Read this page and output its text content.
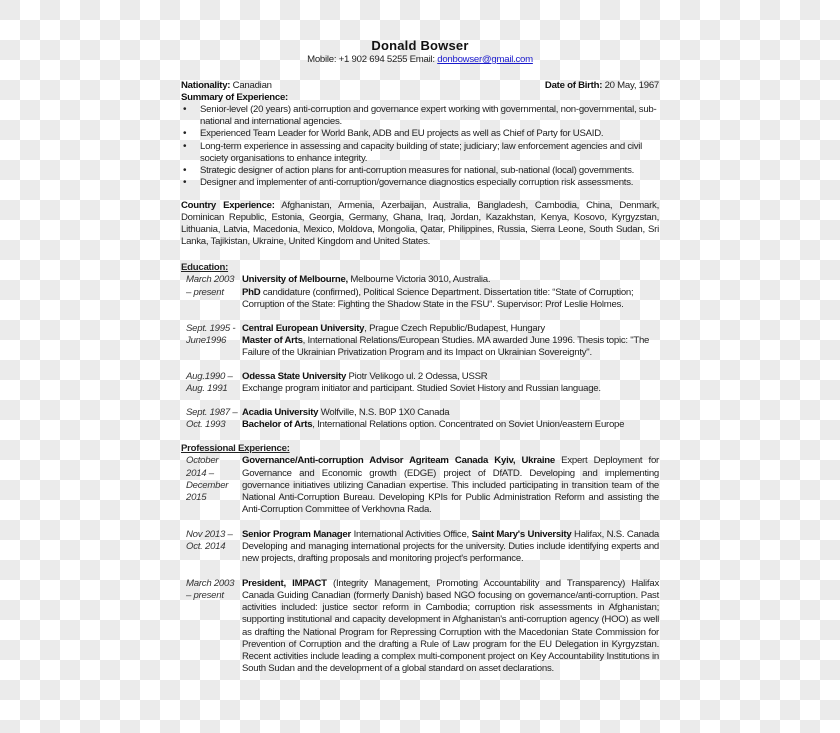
Donald Bowser
Mobile: +1 902 694 5255 Email: donbowser@gmail.com
Nationality: Canadian	Date of Birth: 20 May, 1967
Summary of Experience:
• Senior-level (20 years) anti-corruption and governance expert working with governmental, non-governmental, sub-national and international agencies.
• Experienced Team Leader for World Bank, ADB and EU projects as well as Chief of Party for USAID.
• Long-term experience in assessing and capacity building of state; judiciary; law enforcement agencies and civil society organisations to enhance integrity.
• Strategic designer of action plans for anti-corruption measures for national, sub-national (local) governments.
• Designer and implementer of anti-corruption/governance diagnostics especially corruption risk assessments.
Country Experience: Afghanistan, Armenia, Azerbaijan, Australia, Bangladesh, Cambodia, China, Denmark, Dominican Republic, Estonia, Georgia, Germany, Ghana, Iraq, Jordan, Kazakhstan, Kenya, Kosovo, Kyrgyzstan, Lithuania, Latvia, Macedonia, Mexico, Moldova, Mongolia, Qatar, Philippines, Russia, Sierra Leone, South Sudan, Sri Lanka, Tajikistan, Ukraine, United Kingdom and United States.
Education:
March 2003
– present
University of Melbourne, Melbourne Victoria 3010, Australia.
PhD candidature (confirmed), Political Science Department. Dissertation title: “State of Corruption; Corruption of the State: Fighting the Shadow State in the FSU”. Supervisor: Prof Leslie Holmes.
Sept. 1995 -
June1996
Central European University, Prague Czech Republic/Budapest, Hungary
Master of Arts, International Relations/European Studies. MA awarded June 1996. Thesis topic: "The Failure of the Ukrainian Privatization Program and its Impact on Ukrainian Sovereignty".
Aug.1990 –
Aug. 1991
Odessa State University Piotr Velikogo ul. 2 Odessa, USSR
Exchange program initiator and participant. Studied Soviet History and Russian language.
Sept. 1987 –
Oct. 1993
Acadia University Wolfville, N.S. B0P 1X0 Canada
Bachelor of Arts, International Relations option. Concentrated on Soviet Union/eastern Europe
Professional Experience:
October
2014 –
December
2015
Governance/Anti-corruption Advisor Agriteam Canada Kyiv, Ukraine Expert Deployment for Governance and Economic growth (EDGE) project of DfATD. Developing and implementing governance initiatives utilizing Canadian expertise. This included participating in transition team of the National Anti-Corruption Bureau. Developing KPIs for Public Administration Reform and assisting the Anti-Corruption Committee of Verkhovna Rada.
Nov 2013 –
Oct. 2014
Senior Program Manager International Activities Office, Saint Mary's University Halifax, N.S. Canada Developing and managing international projects for the university. Duties include identifying experts and new projects, drafting proposals and monitoring project's performance.
March 2003
– present
President, IMPACT (Integrity Management, Promoting Accountability and Transparency) Halifax Canada Guiding Canadian (formerly Danish) based NGO focusing on governance/anti-corruption. Past activities included: justice sector reform in Cambodia; corruption risk assessments in Afghanistan; supporting institutional and capacity development in Afghanistan's anti-corruption agency (HOO) as well as drafting the National Program for Repressing Corruption with the Macedonian State Commission for Prevention of Corruption and the drafting a Rule of Law program for the EU Delegation in Kyrgyzstan. Recent activities include leading a complex multi-component project on Key Accountability Institutions in South Sudan and the development of a global standard on asset declarations.
